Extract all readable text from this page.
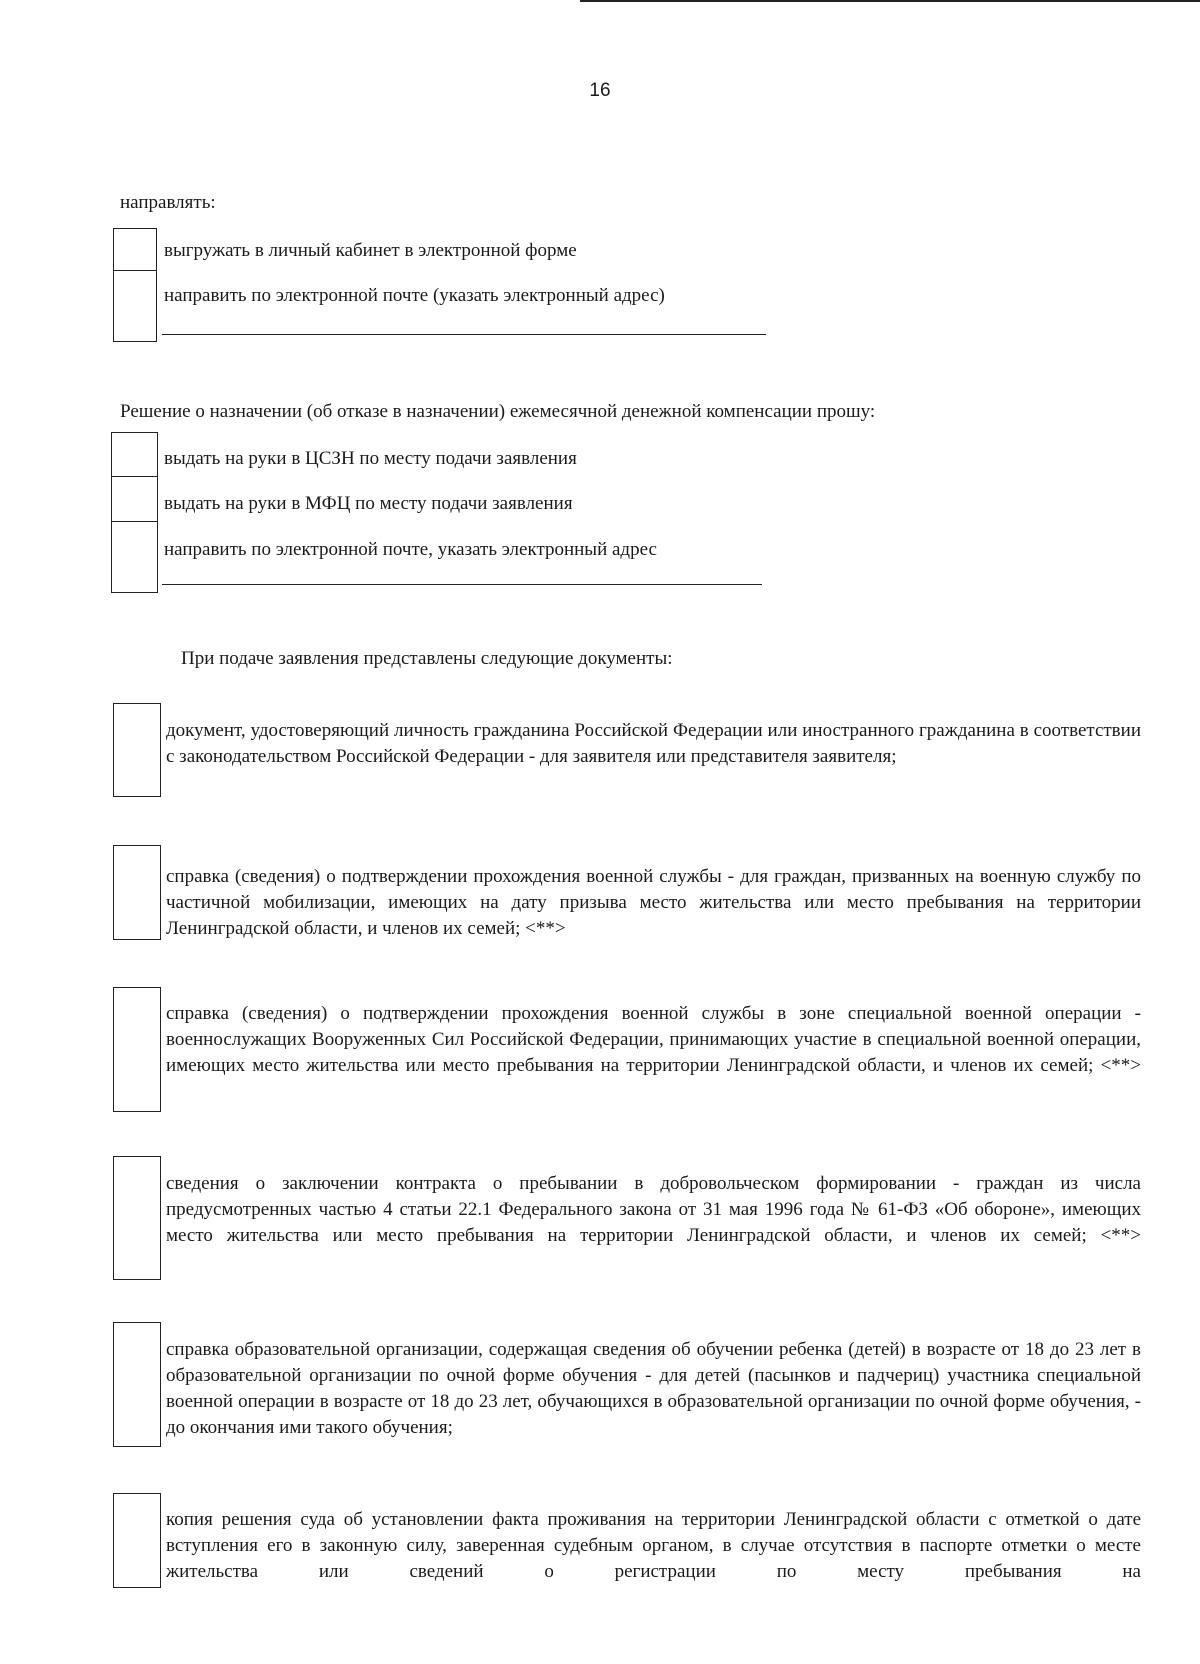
16
направлять:
выгружать в личный кабинет в электронной форме
направить по электронной почте (указать электронный адрес)
Решение о назначении (об отказе в назначении) ежемесячной денежной компенсации прошу:
выдать на руки в ЦСЗН по месту подачи заявления
выдать на руки в МФЦ по месту подачи заявления
направить по электронной почте, указать электронный адрес
При подаче заявления представлены следующие документы:
документ, удостоверяющий личность гражданина Российской Федерации или иностранного гражданина в соответствии с законодательством Российской Федерации - для заявителя или представителя заявителя;
справка (сведения) о подтверждении прохождения военной службы - для граждан, призванных на военную службу по частичной мобилизации, имеющих на дату призыва место жительства или место пребывания на территории Ленинградской области, и членов их семей; <**>
справка (сведения) о подтверждении прохождения военной службы в зоне специальной военной операции - военнослужащих Вооруженных Сил Российской Федерации, принимающих участие в специальной военной операции, имеющих место жительства или место пребывания на территории Ленинградской области, и членов их семей; <**>
сведения о заключении контракта о пребывании в добровольческом формировании - граждан из числа предусмотренных частью 4 статьи 22.1 Федерального закона от 31 мая 1996 года № 61-ФЗ «Об обороне», имеющих место жительства или место пребывания на территории Ленинградской области, и членов их семей; <**>
справка образовательной организации, содержащая сведения об обучении ребенка (детей) в возрасте от 18 до 23 лет в образовательной организации по очной форме обучения - для детей (пасынков и падчериц) участника специальной военной операции в возрасте от 18 до 23 лет, обучающихся в образовательной организации по очной форме обучения, - до окончания ими такого обучения;
копия решения суда об установлении факта проживания на территории Ленинградской области с отметкой о дате вступления его в законную силу, заверенная судебным органом, в случае отсутствия в паспорте отметки о месте жительства или сведений о регистрации по месту пребывания на
